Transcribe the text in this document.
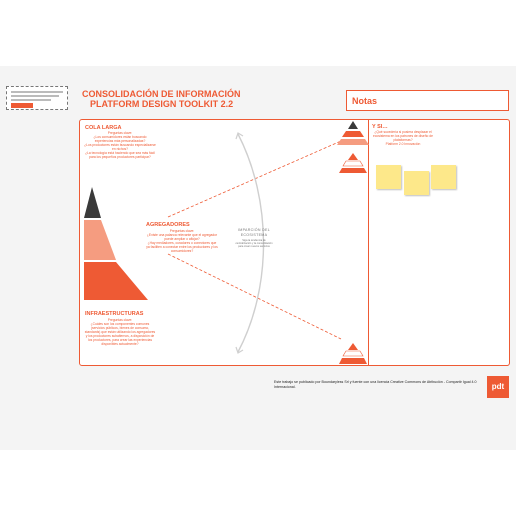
CONSOLIDACIÓN DE INFORMACIÓN
PLATFORM DESIGN TOOLKIT 2.2	Notas
COLA LARGA
Preguntas clave:
¿Los consumidores están buscando experiencias más personalizadas?
¿Los productores están buscando especializarse en nichos?
¿La tecnología está haciendo que sea más fácil para los pequeños productores participar?
AGREGADORES
Preguntas clave:
¿Existe una palanca relevante que el agregador puede ampliar o aflojar?
¿Hay mediadores, curadores o conectores que ya faciliten a conectar entre los productores y los consumidores?
INFRAESTRUCTURAS
Preguntas clave:
¿Cuáles son los componentes comunes (servicios públicos, bienes de consumo, standards) que están utilizando los agregadores y los productores subalternos, a disposición de los productores, para crear las experiencias disponibles actualmente?
IMPARCIÓN DEL ECOSISTEMA
Siga la tendencia de centralización y la consolidación para crear nuevos servicios
Y SI…
¿Qué sucedería si pusiera desplazar el ecosistema en los patrones de diseño de plataformas?
Platform 2.0 Innovación
Este trabajo se publicado por Boundaryless Srl y fuente con una licencia Creative Commons de Atribución - Compartir Igual 4.0 Internacional.	pdt
